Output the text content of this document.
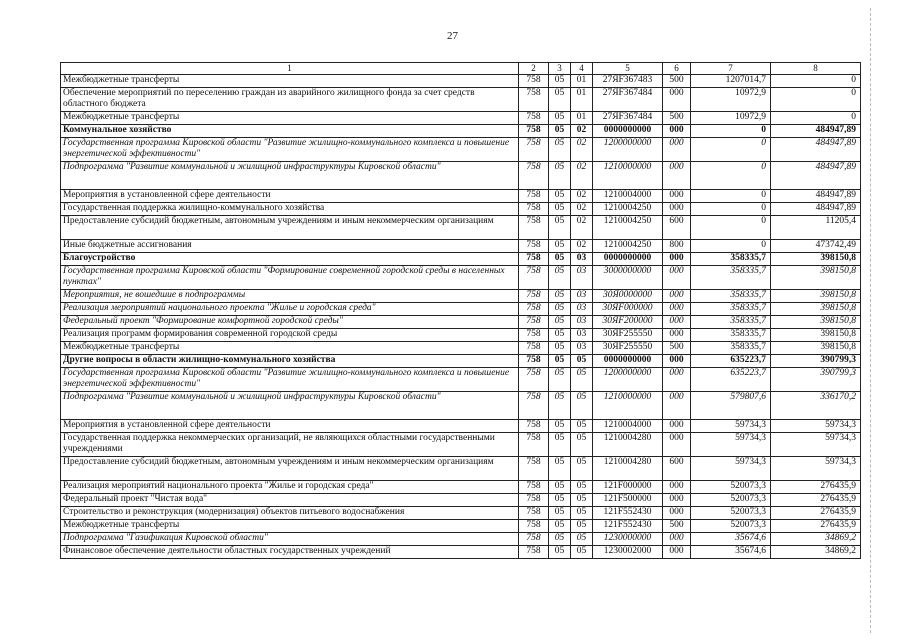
27
1	2	3	4	5	6	7	8
Межбюджетные трансферты	758	05	01	27ЯF367483	500	1207014,7	0
Обеспечение мероприятий по переселению граждан из аварийного жилищного фонда за счет средств областного бюджета	758	05	01	27ЯF367484	000	10972,9	0
Межбюджетные трансферты	758	05	01	27ЯF367484	500	10972,9	0
Коммунальное хозяйство	758	05	02	0000000000	000	0	484947,89
Государственная программа Кировской области "Развитие жилищно-коммунального комплекса и повышение энергетической эффективности"	758	05	02	1200000000	000	0	484947,89
Подпрограмма "Развитие коммунальной и жилищной инфраструктуры Кировской области"	758	05	02	1210000000	000	0	484947,89
Мероприятия в установленной сфере деятельности	758	05	02	1210004000	000	0	484947,89
Государственная поддержка жилищно-коммунального хозяйства	758	05	02	1210004250	000	0	484947,89
Предоставление субсидий бюджетным, автономным учреждениям и иным некоммерческим организациям	758	05	02	1210004250	600	0	11205,4
Иные бюджетные ассигнования	758	05	02	1210004250	800	0	473742,49
Благоустройство	758	05	03	0000000000	000	358335,7	398150,8
Государственная программа Кировской области "Формирование современной городской среды в населенных пунктах"	758	05	03	3000000000	000	358335,7	398150,8
Мероприятия, не вошедшие в подпрограммы	758	05	03	30Я0000000	000	358335,7	398150,8
Реализация мероприятий национального проекта "Жилье и городская среда"	758	05	03	30ЯF000000	000	358335,7	398150,8
Федеральный проект "Формирование комфортной городской среды"	758	05	03	30ЯF200000	000	358335,7	398150,8
Реализация программ формирования современной городской среды	758	05	03	30ЯF255550	000	358335,7	398150,8
Межбюджетные трансферты	758	05	03	30ЯF255550	500	358335,7	398150,8
Другие вопросы в области жилищно-коммунального хозяйства	758	05	05	0000000000	000	635223,7	390799,3
Государственная программа Кировской области "Развитие жилищно-коммунального комплекса и повышение энергетической эффективности"	758	05	05	1200000000	000	635223,7	390799,3
Подпрограмма "Развитие коммунальной и жилищной инфраструктуры Кировской области"	758	05	05	1210000000	000	579807,6	336170,2
Мероприятия в установленной сфере деятельности	758	05	05	1210004000	000	59734,3	59734,3
Государственная поддержка некоммерческих организаций, не являющихся областными государственными учреждениями	758	05	05	1210004280	000	59734,3	59734,3
Предоставление субсидий бюджетным, автономным учреждениям и иным некоммерческим организациям	758	05	05	1210004280	600	59734,3	59734,3
Реализация мероприятий национального проекта "Жилье и городская среда"	758	05	05	121F000000	000	520073,3	276435,9
Федеральный проект "Чистая вода"	758	05	05	121F500000	000	520073,3	276435,9
Строительство и реконструкция (модернизация) объектов питьевого водоснабжения	758	05	05	121F552430	000	520073,3	276435,9
Межбюджетные трансферты	758	05	05	121F552430	500	520073,3	276435,9
Подпрограмма "Газификация Кировской области"	758	05	05	1230000000	000	35674,6	34869,2
Финансовое обеспечение деятельности областных государственных учреждений	758	05	05	1230002000	000	35674,6	34869,2
